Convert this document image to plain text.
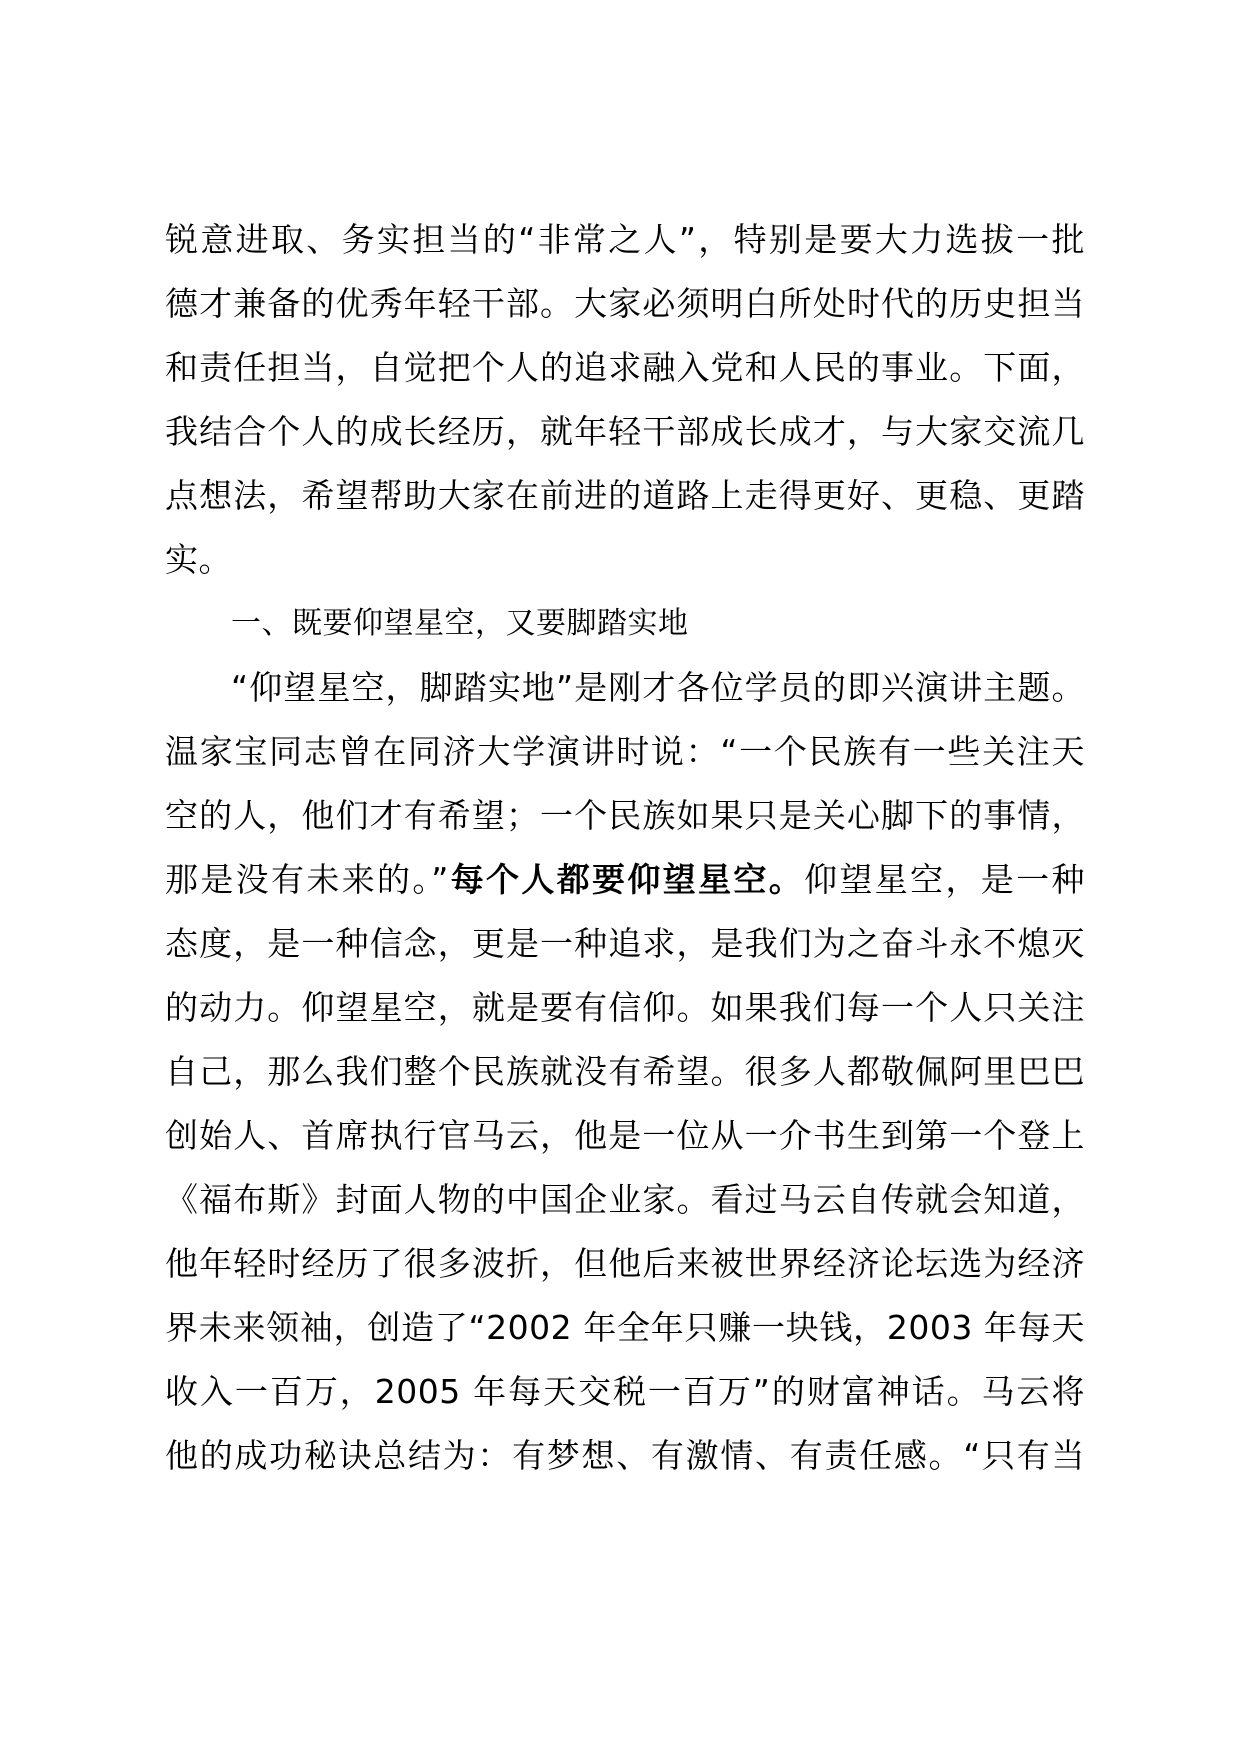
锐意进取、务实担当的“非常之人”，特别是要大力选拔一批
德才兼备的优秀年轻干部。大家必须明白所处时代的历史担当
和责任担当，自觉把个人的追求融入党和人民的事业。下面，
我结合个人的成长经历，就年轻干部成长成才，与大家交流几
点想法，希望帮助大家在前进的道路上走得更好、更稳、更踏
实。
一、既要仰望星空，又要脚踏实地
“仰望星空，脚踏实地”是刚才各位学员的即兴演讲主题。
温家宝同志曾在同济大学演讲时说：“一个民族有一些关注天
空的人，他们才有希望；一个民族如果只是关心脚下的事情，
那是没有未来的。”每个人都要仰望星空。仰望星空，是一种
态度，是一种信念，更是一种追求，是我们为之奋斗永不熄灭
的动力。仰望星空，就是要有信仰。如果我们每一个人只关注
自己，那么我们整个民族就没有希望。很多人都敬佩阿里巴巴
创始人、首席执行官马云，他是一位从一介书生到第一个登上
《福布斯》封面人物的中国企业家。看过马云自传就会知道，
他年轻时经历了很多波折，但他后来被世界经济论坛选为经济
界未来领袖，创造了“2002 年全年只赚一块钱，2003 年每天
收入一百万，2005 年每天交税一百万”的财富神话。马云将
他的成功秘诀总结为：有梦想、有激情、有责任感。“只有当
